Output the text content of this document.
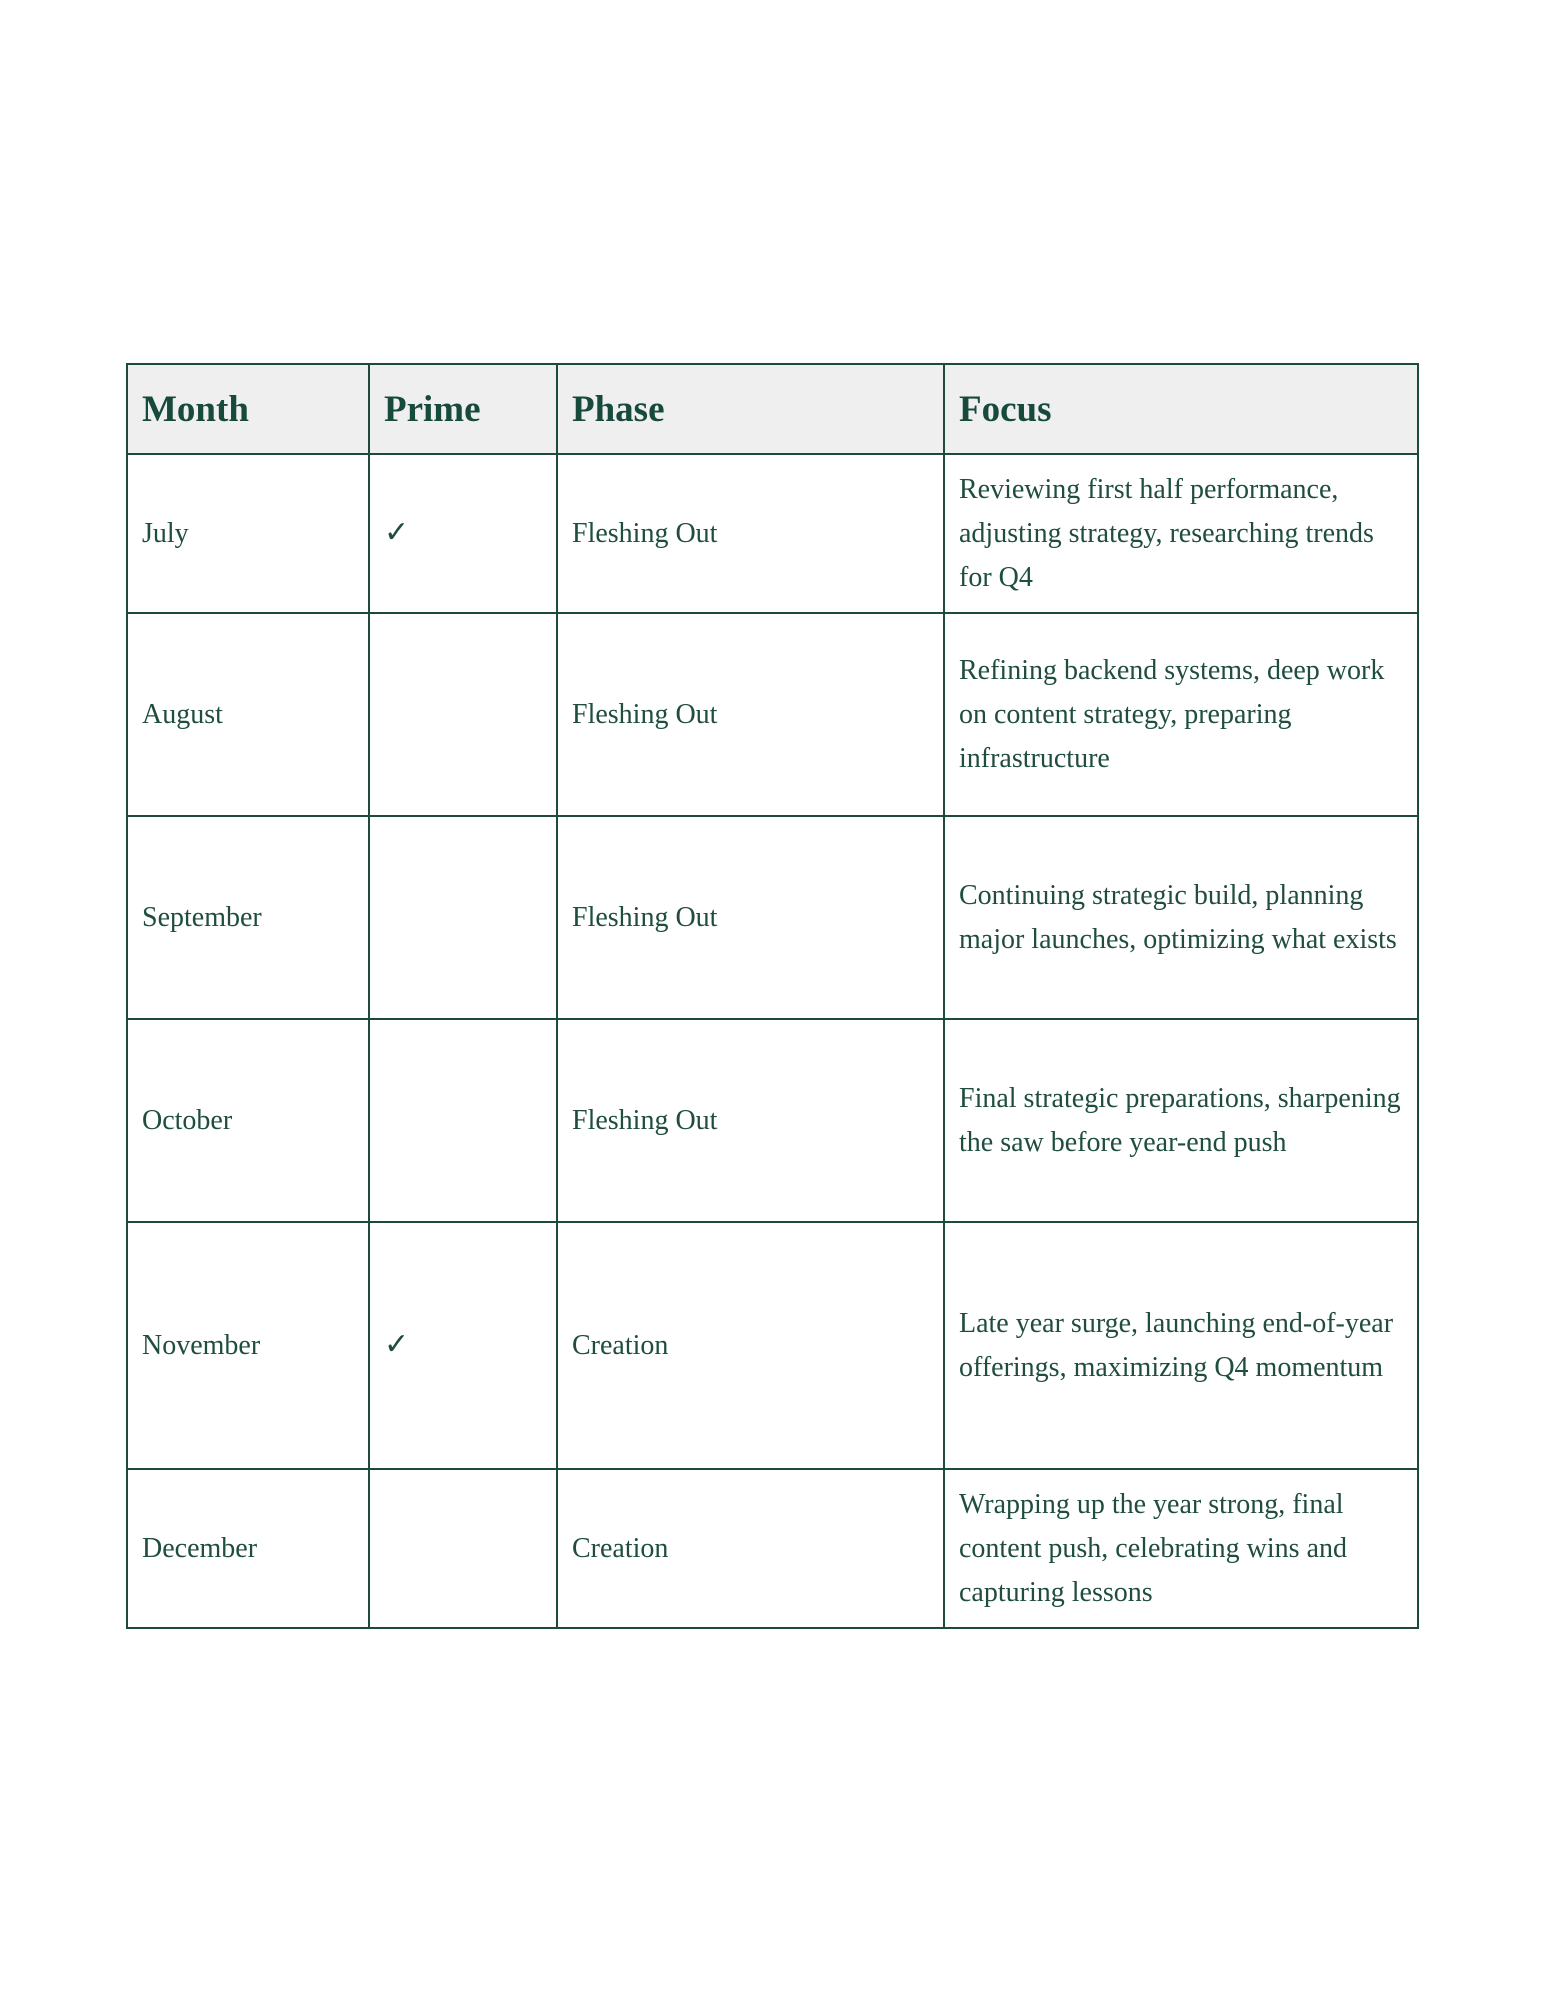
Month	Prime	Phase	Focus
July	✓	Fleshing Out	Reviewing first half performance, adjusting strategy, researching trends for Q4
August		Fleshing Out	Refining backend systems, deep work on content strategy, preparing infrastructure
September		Fleshing Out	Continuing strategic build, planning major launches, optimizing what exists
October		Fleshing Out	Final strategic preparations, sharpening the saw before year-end push
November	✓	Creation	Late year surge, launching end-of-year offerings, maximizing Q4 momentum
December		Creation	Wrapping up the year strong, final content push, celebrating wins and capturing lessons
